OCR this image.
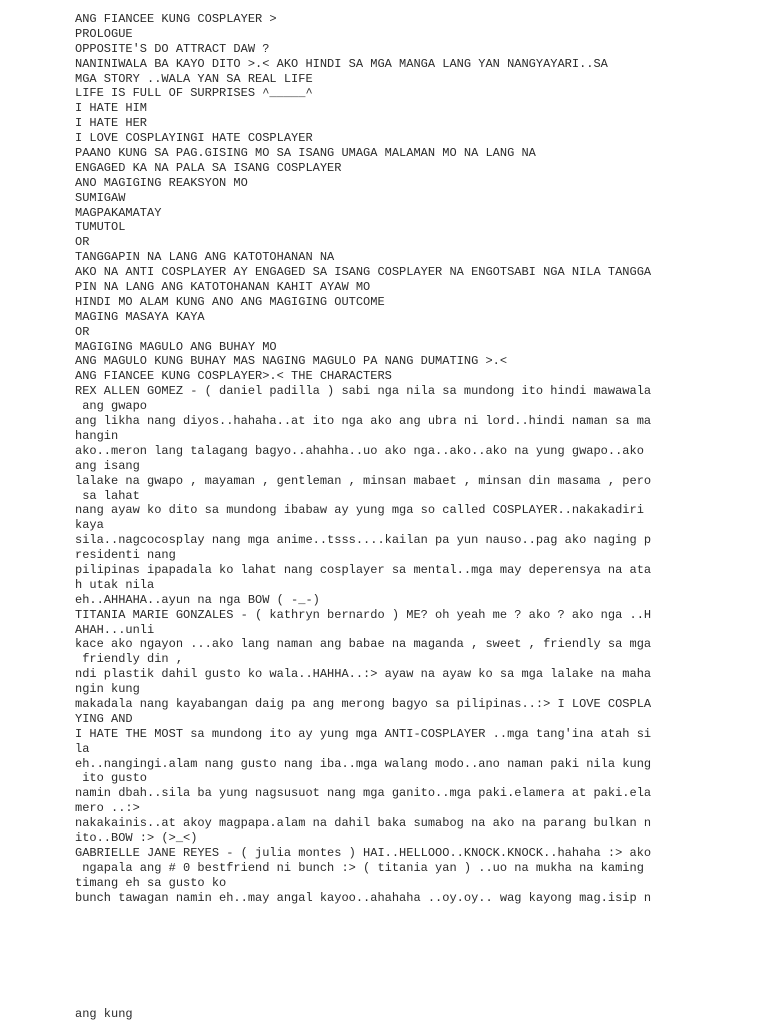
ANG FIANCEE KUNG COSPLAYER >
PROLOGUE
OPPOSITE'S DO ATTRACT DAW ?
NANINIWALA BA KAYO DITO >.< AKO HINDI SA MGA MANGA LANG YAN NANGYAYARI..SA
MGA STORY ..WALA YAN SA REAL LIFE
LIFE IS FULL OF SURPRISES ^_____^
I HATE HIM
I HATE HER
I LOVE COSPLAYINGI HATE COSPLAYER
PAANO KUNG SA PAG.GISING MO SA ISANG UMAGA MALAMAN MO NA LANG NA
ENGAGED KA NA PALA SA ISANG COSPLAYER
ANO MAGIGING REAKSYON MO
SUMIGAW
MAGPAKAMATAY
TUMUTOL
OR
TANGGAPIN NA LANG ANG KATOTOHANAN NA
AKO NA ANTI COSPLAYER AY ENGAGED SA ISANG COSPLAYER NA ENGOTSABI NGA NILA TANGGA
PIN NA LANG ANG KATOTOHANAN KAHIT AYAW MO
HINDI MO ALAM KUNG ANO ANG MAGIGING OUTCOME
MAGING MASAYA KAYA
OR
MAGIGING MAGULO ANG BUHAY MO
ANG MAGULO KUNG BUHAY MAS NAGING MAGULO PA NANG DUMATING >.<
ANG FIANCEE KUNG COSPLAYER>.< THE CHARACTERS
REX ALLEN GOMEZ - ( daniel padilla ) sabi nga nila sa mundong ito hindi mawawala
ang gwapo
ang likha nang diyos..hahaha..at ito nga ako ang ubra ni lord..hindi naman sa ma
hangin
ako..meron lang talagang bagyo..ahahha..uo ako nga..ako..ako na yung gwapo..ako
ang isang
lalake na gwapo , mayaman , gentleman , minsan mabaet , minsan din masama , pero
sa lahat
nang ayaw ko dito sa mundong ibabaw ay yung mga so called COSPLAYER..nakakadiri
kaya
sila..nagcocosplay nang mga anime..tsss....kailan pa yun nauso..pag ako naging p
residenti nang
pilipinas ipapadala ko lahat nang cosplayer sa mental..mga may deperensya na ata
h utak nila
eh..AHHAHA..ayun na nga BOW ( -_-)
TITANIA MARIE GONZALES - ( kathryn bernardo ) ME? oh yeah me ? ako ? ako nga ..H
AHAH...unli
kace ako ngayon ...ako lang naman ang babae na maganda , sweet , friendly sa mga
friendly din ,
ndi plastik dahil gusto ko wala..HAHHA..:> ayaw na ayaw ko sa mga lalake na maha
ngin kung
makadala nang kayabangan daig pa ang merong bagyo sa pilipinas..:> I LOVE COSPLA
YING AND
I HATE THE MOST sa mundong ito ay yung mga ANTI-COSPLAYER ..mga tang'ina atah si
la
eh..nangingi.alam nang gusto nang iba..mga walang modo..ano naman paki nila kung
ito gusto
namin dbah..sila ba yung nagsusuot nang mga ganito..mga paki.elamera at paki.ela
mero ..:>
nakakainis..at akoy magpapa.alam na dahil baka sumabog na ako na parang bulkan n
ito..BOW :> (>_<)
GABRIELLE JANE REYES - ( julia montes ) HAI..HELLOOO..KNOCK.KNOCK..hahaha :> ako
ngapala ang # 0 bestfriend ni bunch :> ( titania yan ) ..uo na mukha na kaming
timang eh sa gusto ko
bunch tawagan namin eh..may angal kayoo..ahahaha ..oy.oy.. wag kayong mag.isip n
ang kung
